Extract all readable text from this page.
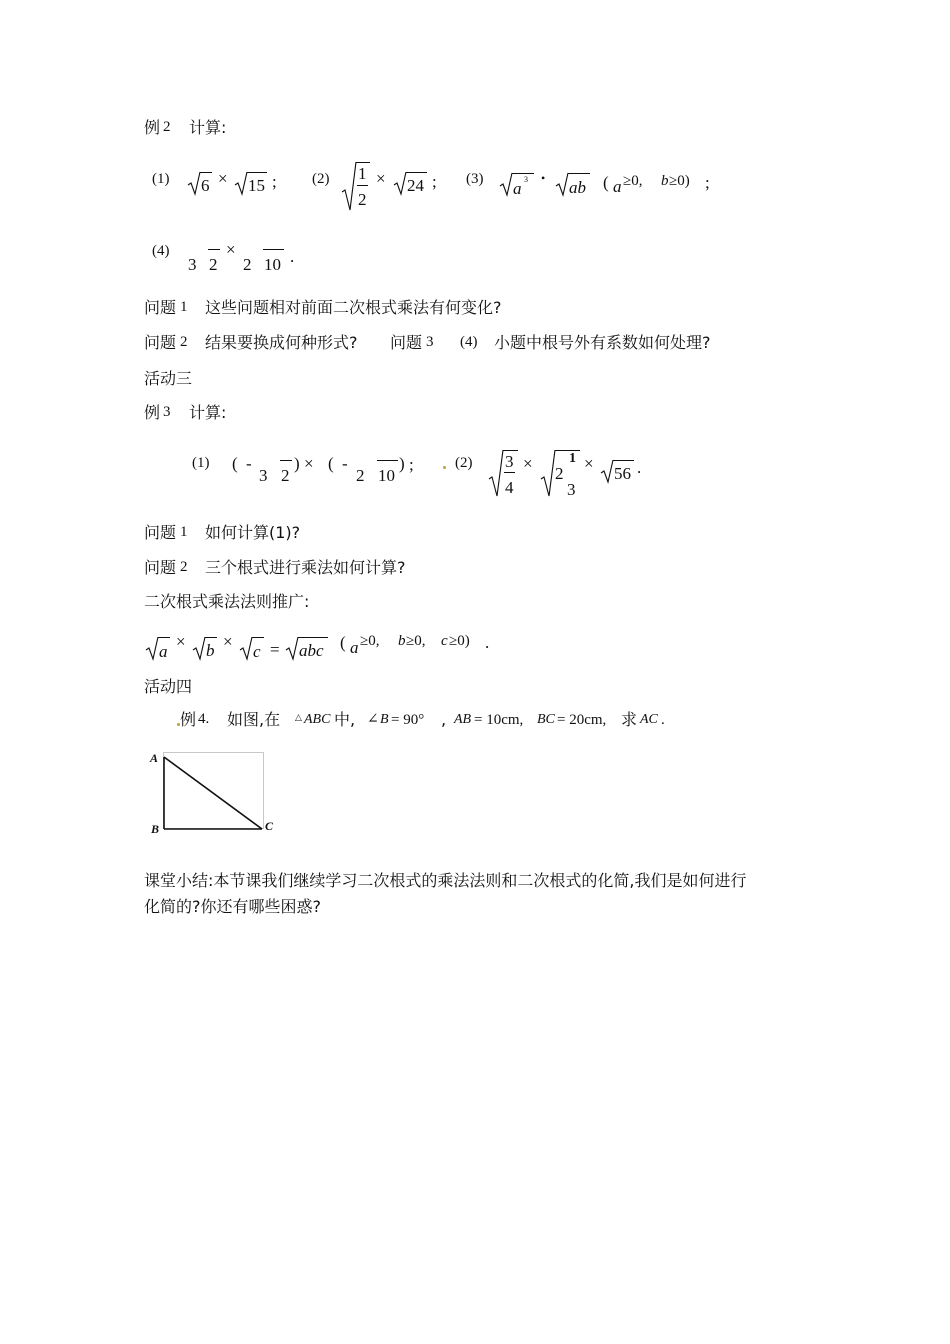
例 2 计算:
(1) 6 × 15 ; (2) 1
2
× 24 ; (3) a 3 • ab ( a ≥0, b ≥0) ;
(4)
3 2
×
2 10 .
问题 1 这些问题相对前面二次根式乘法有何变化?
问题 2 结果要换成何种形式? 问题 3 (4) 小题中根号外有系数如何处理?
活动三
例 3 计算:
(1) ( -
3 2
) × ( -
2 10
) ;	(2) 3
4
×
2
1
3
×
56 .
问题 1 如何计算(1)?
问题 2 三个根式进行乘法如何计算?
二次根式乘法法则推广:
a
× b ×
c = abc ( a ≥0, b ≥0, c ≥0) .
活动四
例 4. 如图,在 △ ABC 中, ∠ B = 90° , AB = 10cm, BC = 20cm, 求 AC .
A
B	C
课堂小结:本节课我们继续学习二次根式的乘法法则和二次根式的化简,我们是如何进行
化简的?你还有哪些困惑?
